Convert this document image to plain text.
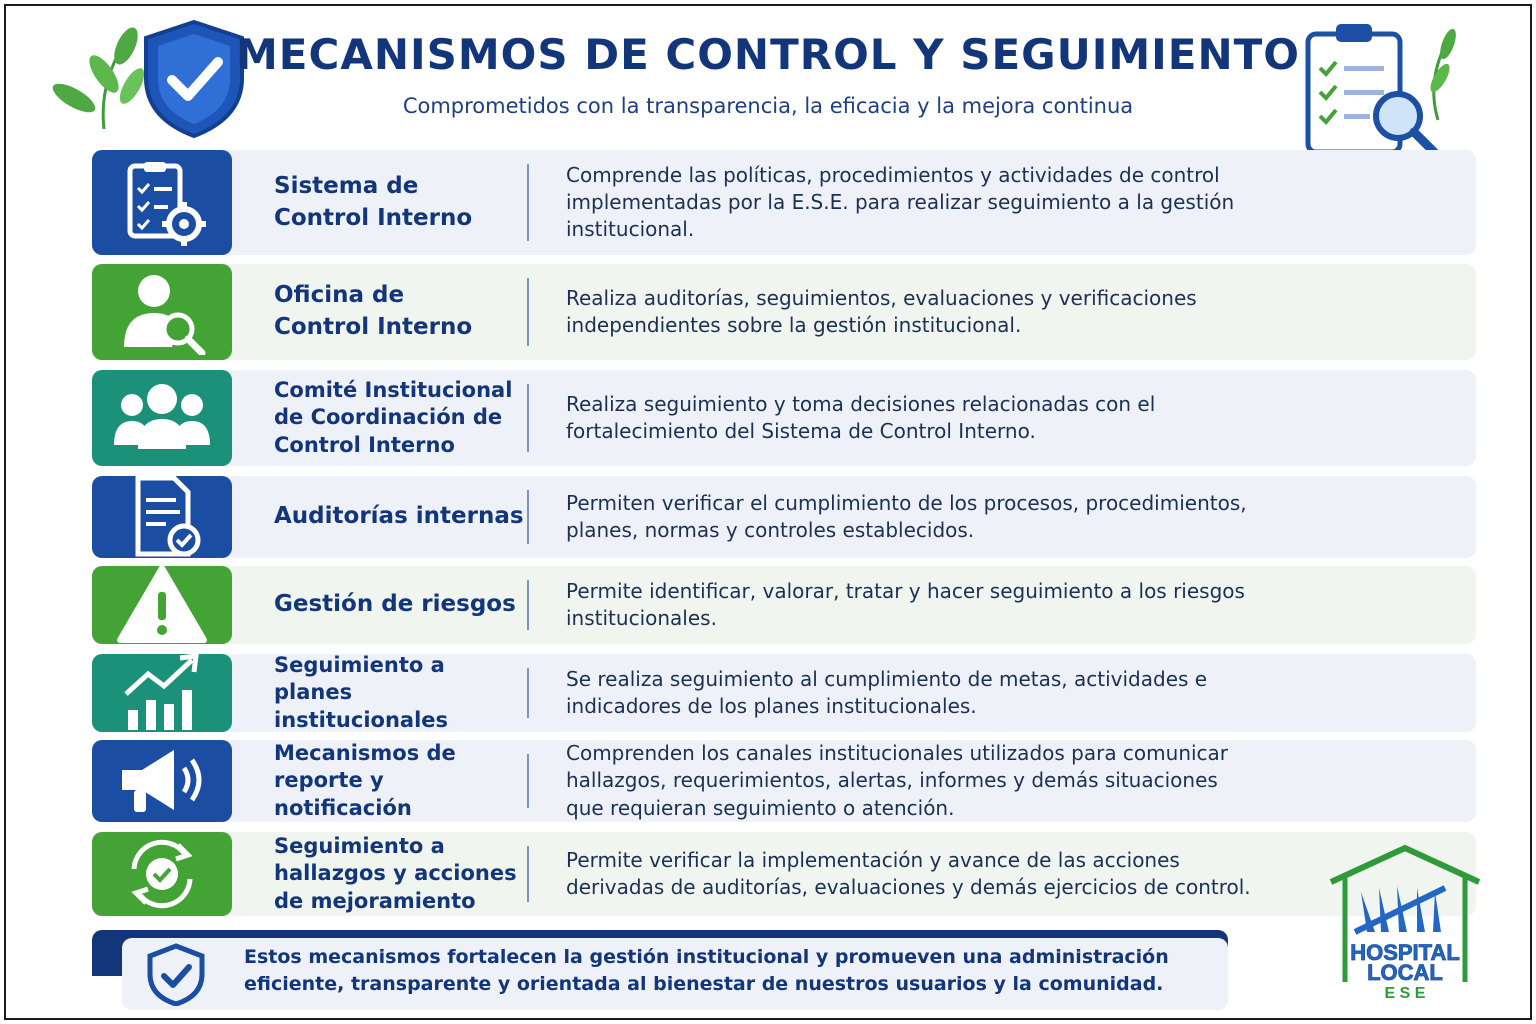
MECANISMOS DE CONTROL Y SEGUIMIENTO
Comprometidos con la transparencia, la eficacia y la mejora continua
Sistema de Control Interno
Comprende las políticas, procedimientos y actividades de control implementadas por la E.S.E. para realizar seguimiento a la gestión institucional.
Oficina de Control Interno
Realiza auditorías, seguimientos, evaluaciones y verificaciones independientes sobre la gestión institucional.
Comité Institucional de Coordinación de Control Interno
Realiza seguimiento y toma decisiones relacionadas con el fortalecimiento del Sistema de Control Interno.
Auditorías internas
Permiten verificar el cumplimiento de los procesos, procedimientos, planes, normas y controles establecidos.
Gestión de riesgos
Permite identificar, valorar, tratar y hacer seguimiento a los riesgos institucionales.
Seguimiento a planes institucionales
Se realiza seguimiento al cumplimiento de metas, actividades e indicadores de los planes institucionales.
Mecanismos de reporte y notificación
Comprenden los canales institucionales utilizados para comunicar hallazgos, requerimientos, alertas, informes y demás situaciones que requieran seguimiento o atención.
Seguimiento a hallazgos y acciones de mejoramiento
Permite verificar la implementación y avance de las acciones derivadas de auditorías, evaluaciones y demás ejercicios de control.
Estos mecanismos fortalecen la gestión institucional y promueven una administración eficiente, transparente y orientada al bienestar de nuestros usuarios y la comunidad.
HOSPITAL
LOCAL
E S E
